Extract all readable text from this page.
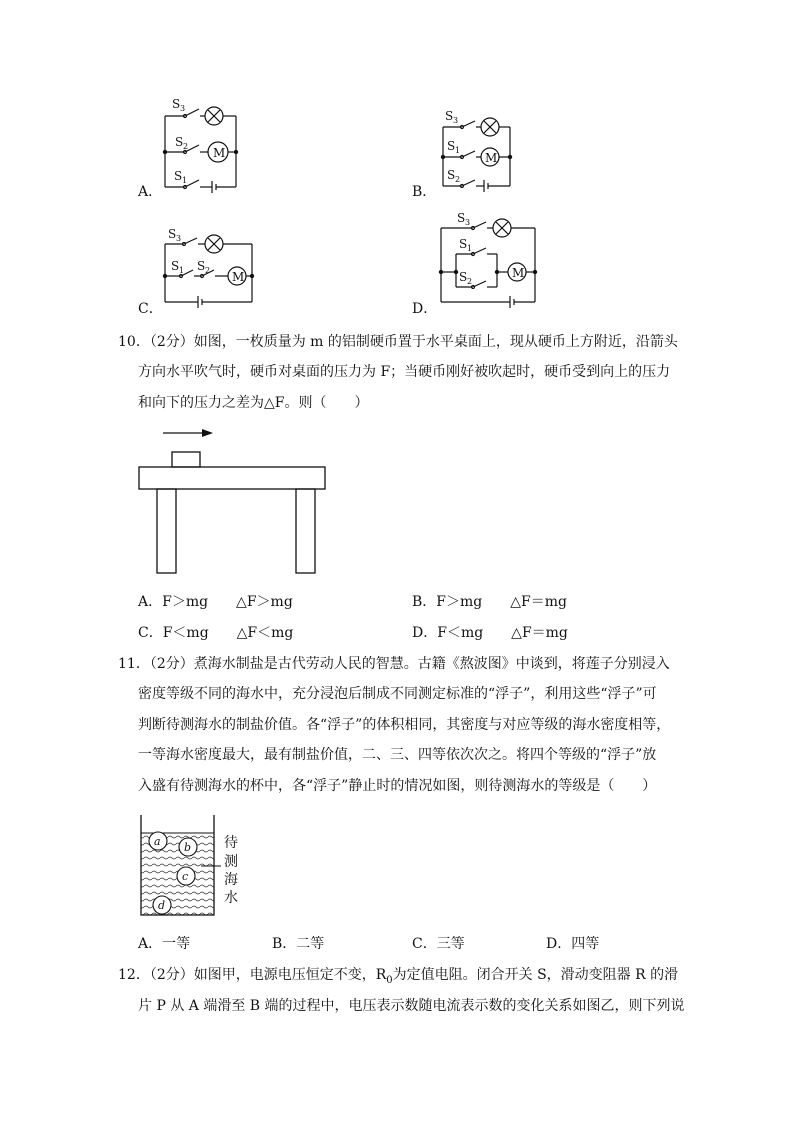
S 3
S 2
S 1
M
A．
S 3
S 1
S 2
M
B．
S 3
S 1 S 2 M
C．
S 3
S 1
S 2
M
D．
10．（2分）如图，一枚质量为 m 的铝制硬币置于水平桌面上，现从硬币上方附近，沿箭头
方向水平吹气时，硬币对桌面的压力为 F；当硬币刚好被吹起时，硬币受到向上的压力
和向下的压力之差为△F。则（　　）
A．F＞mg　　△F＞mg	B．F＞mg　　△F＝mg
C．F＜mg　　△F＜mg	D．F＜mg　　△F＝mg
11．（2分）煮海水制盐是古代劳动人民的智慧。古籍《熬波图》中谈到，将莲子分别浸入
密度等级不同的海水中，充分浸泡后制成不同测定标准的“浮子”，利用这些“浮子”可
判断待测海水的制盐价值。各“浮子”的体积相同，其密度与对应等级的海水密度相等，
一等海水密度最大，最有制盐价值，二、三、四等依次次之。将四个等级的“浮子”放
入盛有待测海水的杯中，各“浮子”静止时的情况如图，则待测海水的等级是（　　）
a b
c
d
待
测
海
水
A．一等	B．二等	C．三等	D．四等
12．（2分）如图甲，电源电压恒定不变，$R_0$为定值电阻。闭合开关 S，滑动变阻器 R 的滑
片 P 从 A 端滑至 B 端的过程中，电压表示数随电流表示数的变化关系如图乙，则下列说
